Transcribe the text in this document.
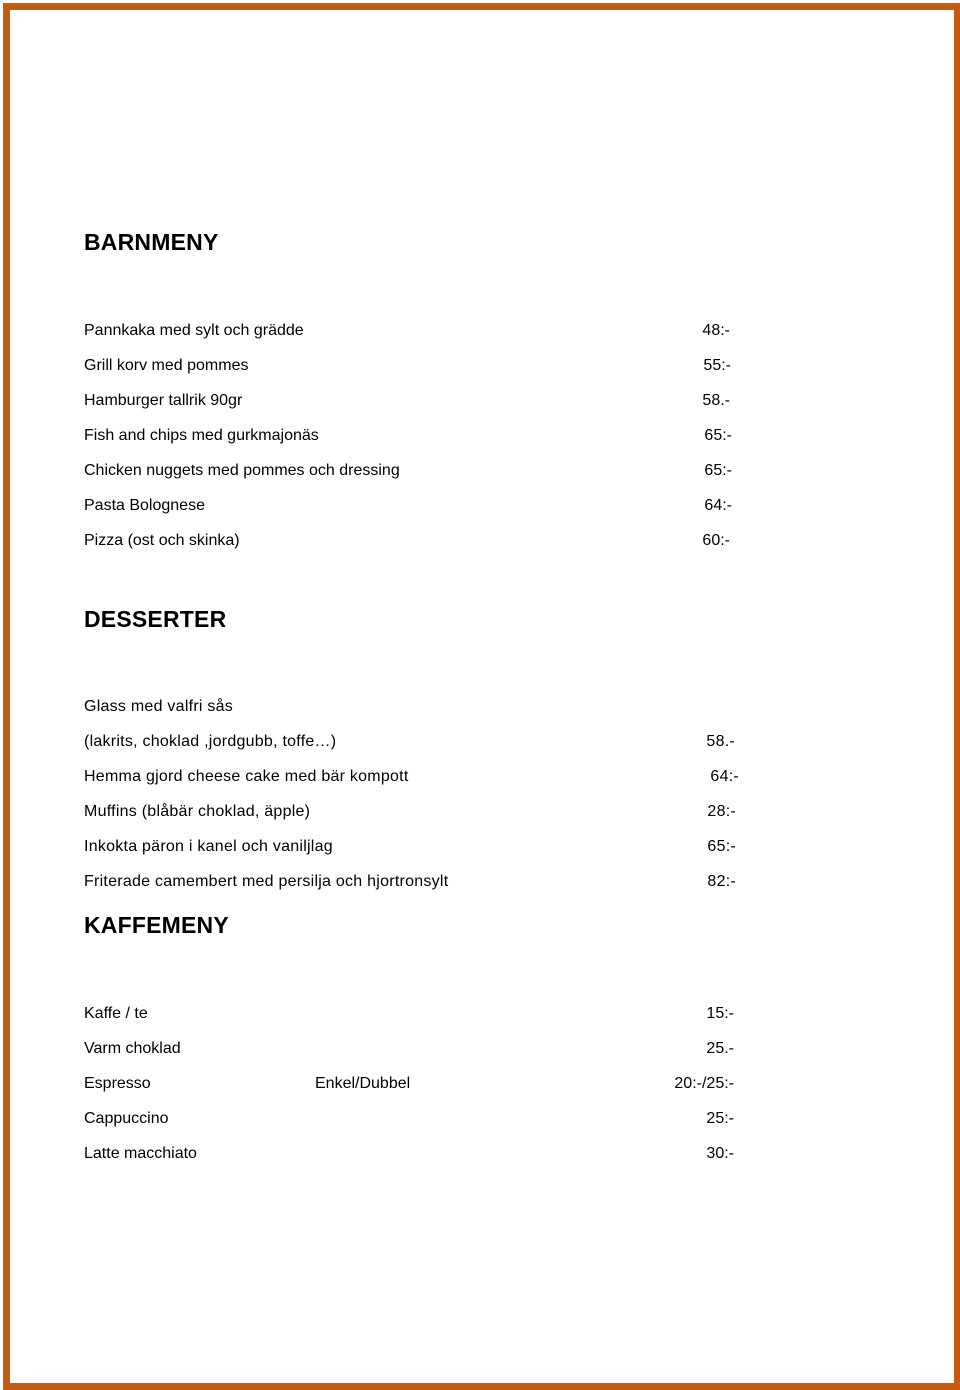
BARNMENY
Pannkaka med sylt och grädde	48:-
Grill korv med pommes	55:-
Hamburger tallrik 90gr	58.-
Fish and chips med gurkmajonäs	65:-
Chicken nuggets med pommes och dressing	65:-
Pasta Bolognese	64:-
Pizza (ost och skinka)	60:-
DESSERTER
Glass med valfri sås
(lakrits, choklad ,jordgubb, toffe…)	58.-
Hemma gjord cheese cake med bär kompott	64:-
Muffins (blåbär choklad, äpple)	28:-
Inkokta päron i kanel och vaniljlag	65:-
Friterade camembert med persilja och hjortronsylt	82:-
KAFFEMENY
Kaffe / te	15:-
Varm choklad	25.-
Espresso	Enkel/Dubbel	20:-/25:-
Cappuccino	25:-
Latte macchiato	30:-
